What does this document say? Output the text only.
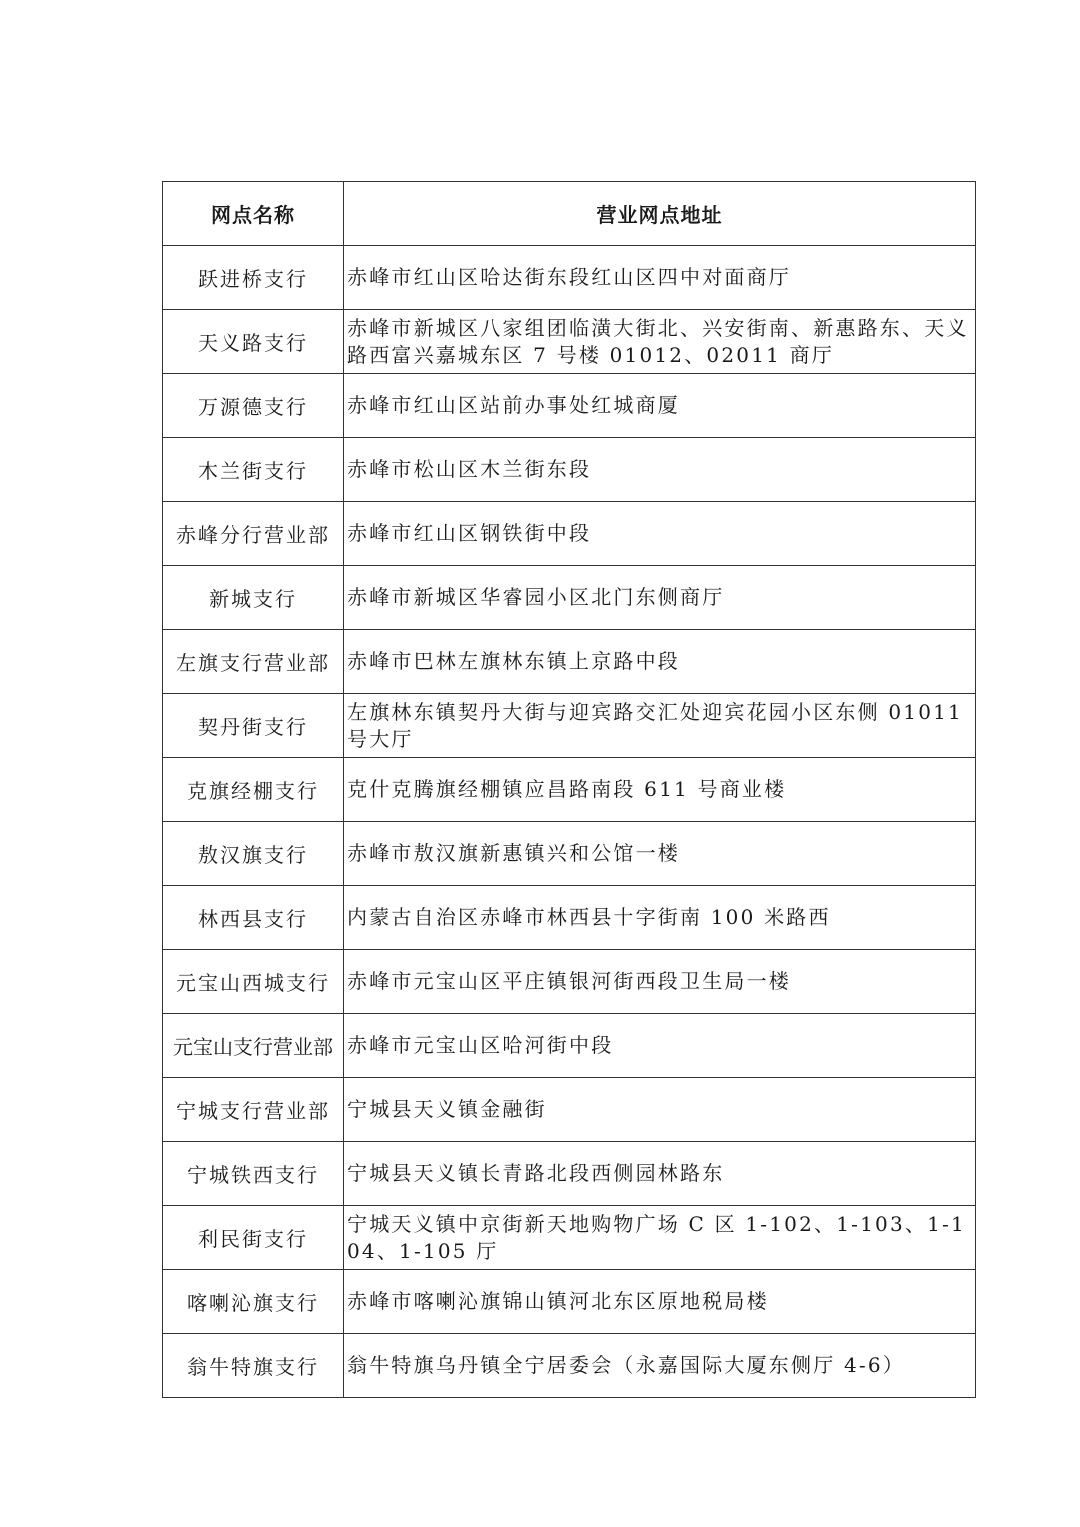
网点名称	营业网点地址
跃进桥支行	赤峰市红山区哈达街东段红山区四中对面商厅
天义路支行	赤峰市新城区八家组团临潢大街北、兴安街南、新惠路东、天义路西富兴嘉城东区 7 号楼 01012、02011 商厅
万源德支行	赤峰市红山区站前办事处红城商厦
木兰街支行	赤峰市松山区木兰街东段
赤峰分行营业部	赤峰市红山区钢铁街中段
新城支行	赤峰市新城区华睿园小区北门东侧商厅
左旗支行营业部	赤峰市巴林左旗林东镇上京路中段
契丹街支行	左旗林东镇契丹大街与迎宾路交汇处迎宾花园小区东侧 01011 号大厅
克旗经棚支行	克什克腾旗经棚镇应昌路南段 611 号商业楼
敖汉旗支行	赤峰市敖汉旗新惠镇兴和公馆一楼
林西县支行	内蒙古自治区赤峰市林西县十字街南 100 米路西
元宝山西城支行	赤峰市元宝山区平庄镇银河街西段卫生局一楼
元宝山支行营业部	赤峰市元宝山区哈河街中段
宁城支行营业部	宁城县天义镇金融街
宁城铁西支行	宁城县天义镇长青路北段西侧园林路东
利民街支行	宁城天义镇中京街新天地购物广场 C 区 1-102、1-103、1-104、1-105 厅
喀喇沁旗支行	赤峰市喀喇沁旗锦山镇河北东区原地税局楼
翁牛特旗支行	翁牛特旗乌丹镇全宁居委会（永嘉国际大厦东侧厅 4-6）
